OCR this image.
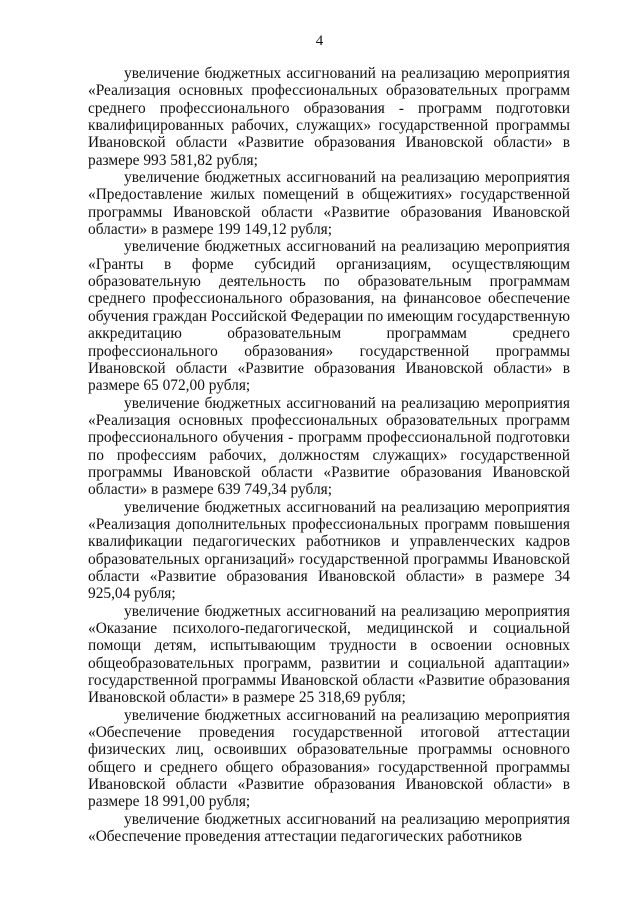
4

увеличение бюджетных ассигнований на реализацию мероприятия «Реализация основных профессиональных образовательных программ среднего профессионального образования - программ подготовки квалифицированных рабочих, служащих» государственной программы Ивановской области «Развитие образования Ивановской области» в размере 993 581,82 рубля;

увеличение бюджетных ассигнований на реализацию мероприятия «Предоставление жилых помещений в общежитиях» государственной программы Ивановской области «Развитие образования Ивановской области» в размере 199 149,12 рубля;

увеличение бюджетных ассигнований на реализацию мероприятия «Гранты в форме субсидий организациям, осуществляющим образовательную деятельность по образовательным программам среднего профессионального образования, на финансовое обеспечение обучения граждан Российской Федерации по имеющим государственную аккредитацию образовательным программам среднего профессионального образования» государственной программы Ивановской области «Развитие образования Ивановской области» в размере 65 072,00 рубля;

увеличение бюджетных ассигнований на реализацию мероприятия «Реализация основных профессиональных образовательных программ профессионального обучения - программ профессиональной подготовки по профессиям рабочих, должностям служащих» государственной программы Ивановской области «Развитие образования Ивановской области» в размере 639 749,34 рубля;

увеличение бюджетных ассигнований на реализацию мероприятия «Реализация дополнительных профессиональных программ повышения квалификации педагогических работников и управленческих кадров образовательных организаций» государственной программы Ивановской области «Развитие образования Ивановской области» в размере 34 925,04 рубля;

увеличение бюджетных ассигнований на реализацию мероприятия «Оказание психолого-педагогической, медицинской и социальной помощи детям, испытывающим трудности в освоении основных общеобразовательных программ, развитии и социальной адаптации» государственной программы Ивановской области «Развитие образования Ивановской области» в размере 25 318,69 рубля;

увеличение бюджетных ассигнований на реализацию мероприятия «Обеспечение проведения государственной итоговой аттестации физических лиц, освоивших образовательные программы основного общего и среднего общего образования» государственной программы Ивановской области «Развитие образования Ивановской области» в размере 18 991,00 рубля;

увеличение бюджетных ассигнований на реализацию мероприятия «Обеспечение проведения аттестации педагогических работников
